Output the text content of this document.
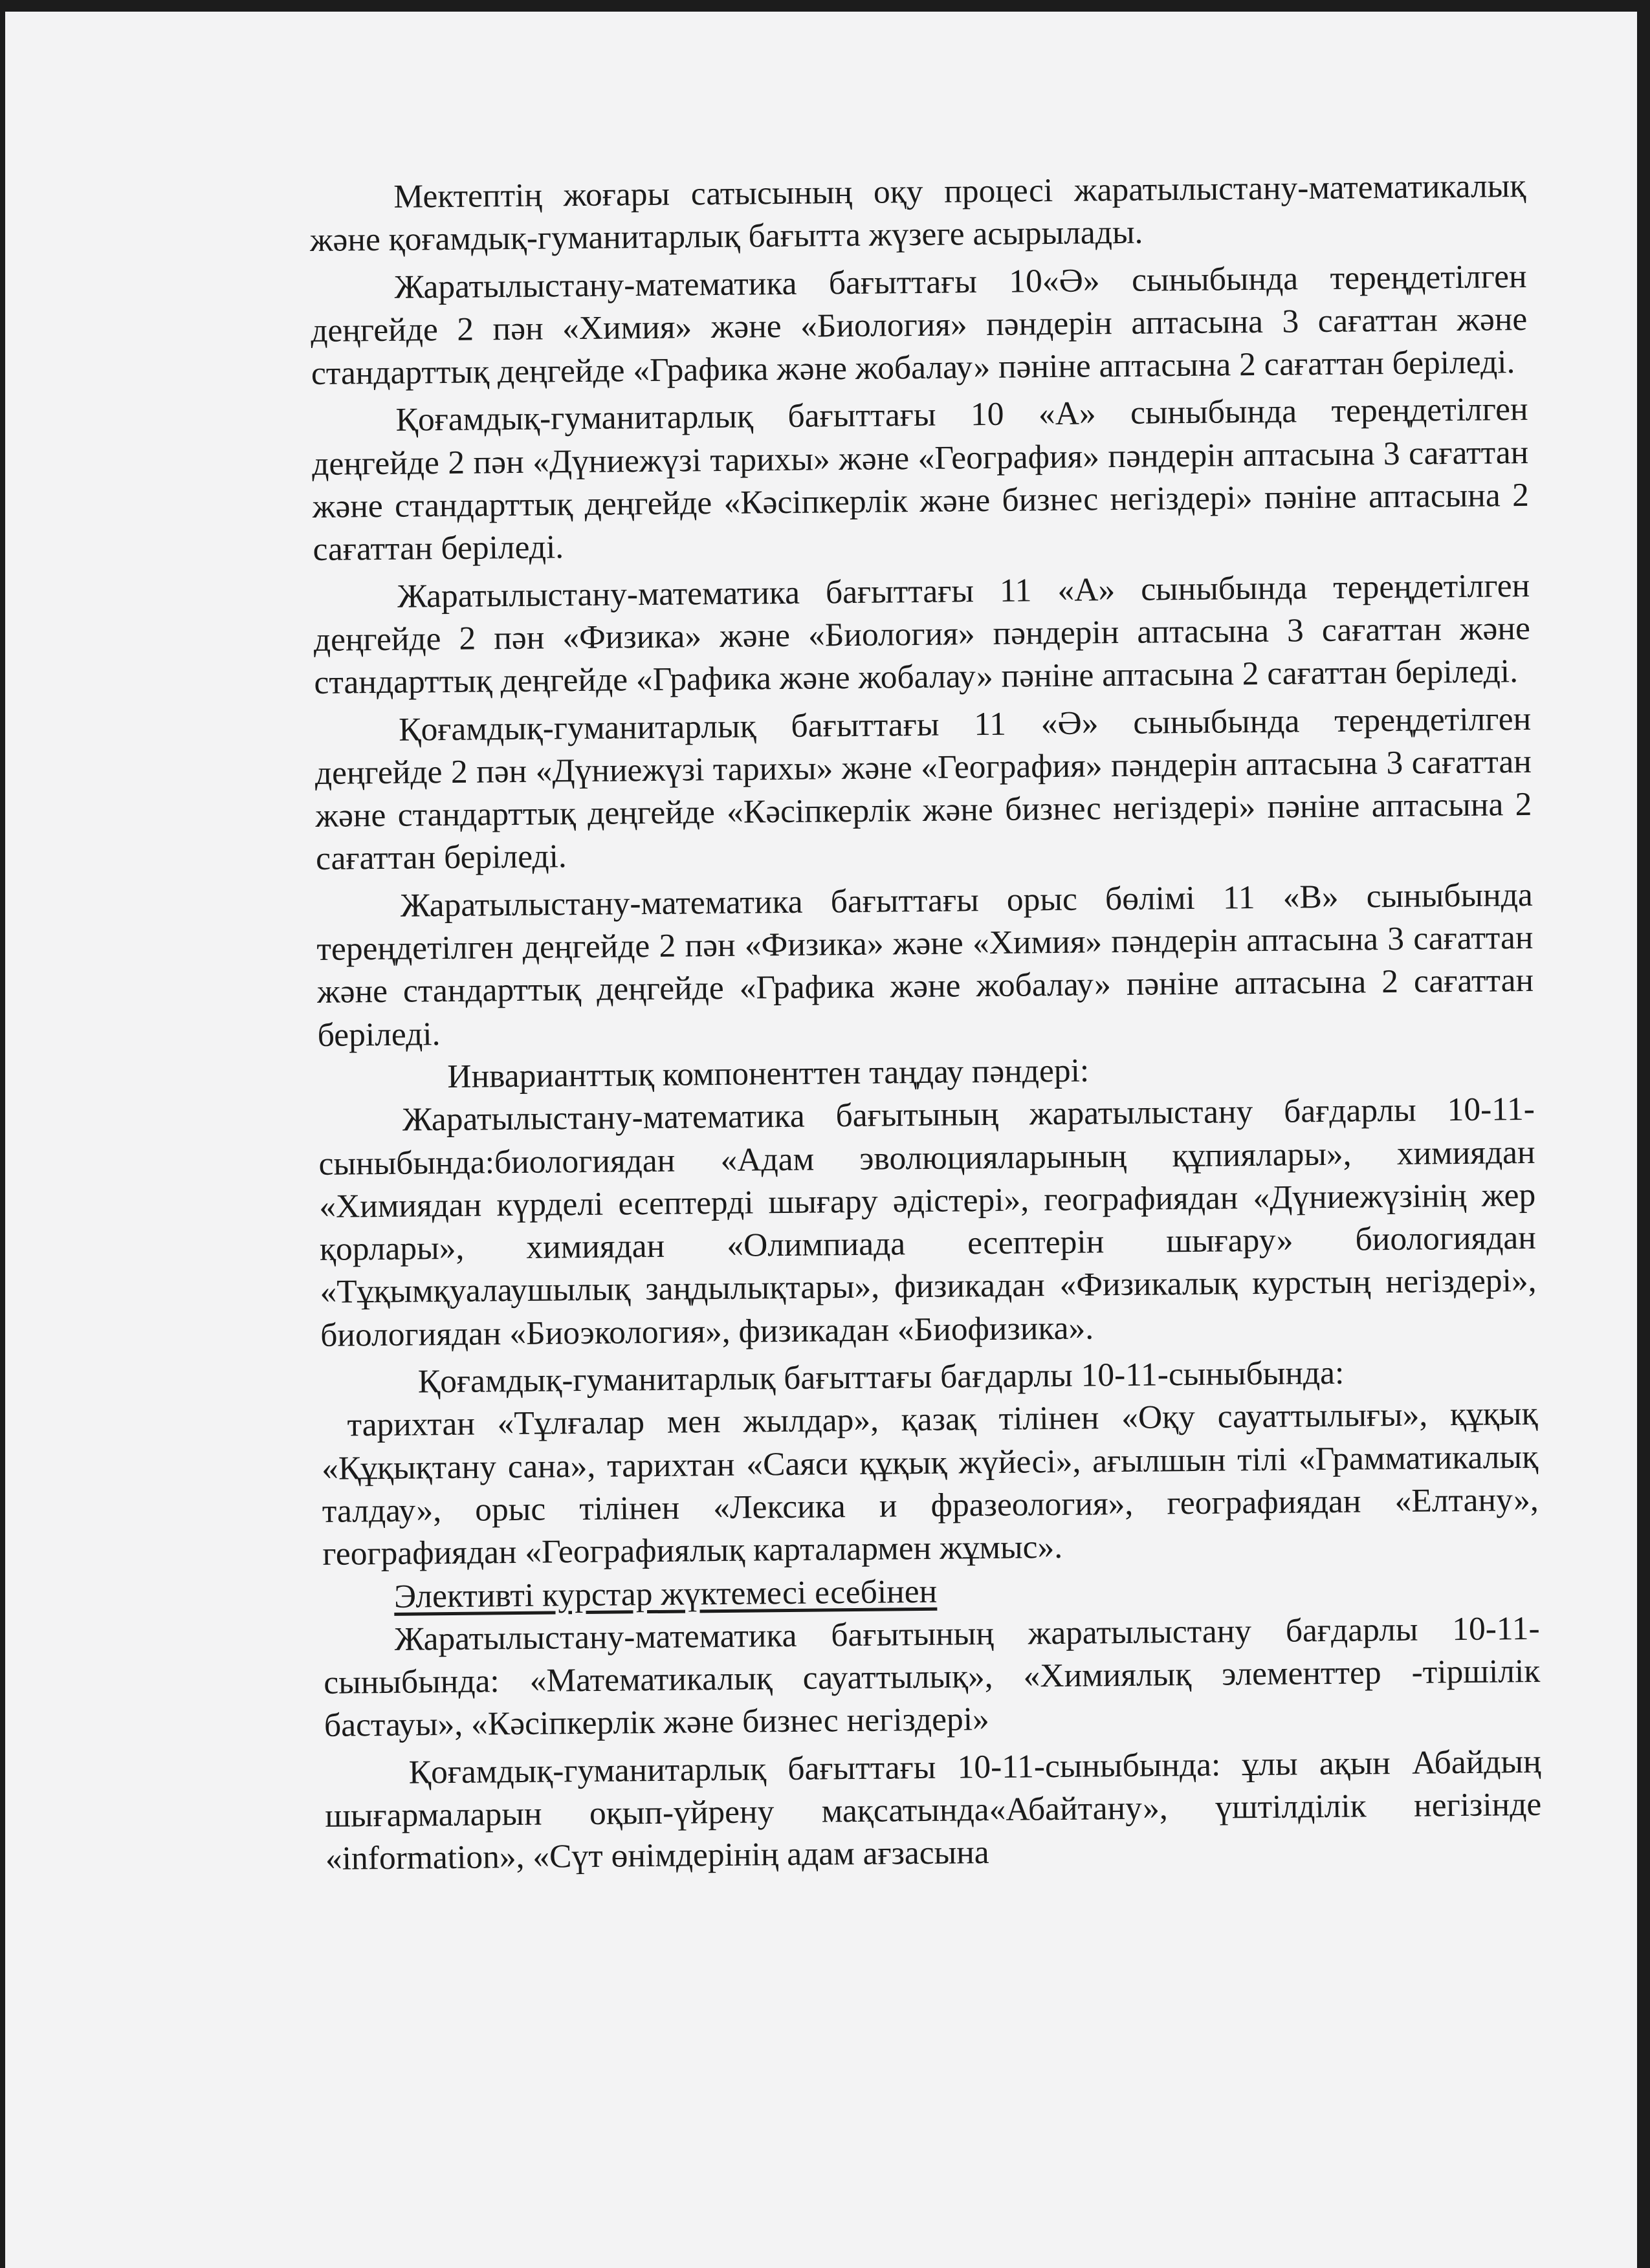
Мектептің жоғары сатысының оқу процесі жаратылыстану-математикалық және қоғамдық-гуманитарлық бағытта жүзеге асырылады.

Жаратылыстану-математика бағыттағы 10«Ә» сыныбында тереңдетілген деңгейде 2 пән «Химия» және «Биология» пәндерін аптасына 3 сағаттан және стандарттық деңгейде «Графика және жобалау» пәніне аптасына 2 сағаттан беріледі.

Қоғамдық-гуманитарлық бағыттағы 10 «А» сыныбында тереңдетілген деңгейде 2 пән «Дүниежүзі тарихы» және «География» пәндерін аптасына 3 сағаттан және стандарттық деңгейде «Кәсіпкерлік және бизнес негіздері» пәніне аптасына 2 сағаттан беріледі.

Жаратылыстану-математика бағыттағы 11 «А» сыныбында тереңдетілген деңгейде 2 пән «Физика» және «Биология» пәндерін аптасына 3 сағаттан және стандарттық деңгейде «Графика және жобалау» пәніне аптасына 2 сағаттан беріледі.

Қоғамдық-гуманитарлық бағыттағы 11 «Ә» сыныбында тереңдетілген деңгейде 2 пән «Дүниежүзі тарихы» және «География» пәндерін аптасына 3 сағаттан және стандарттық деңгейде «Кәсіпкерлік және бизнес негіздері» пәніне аптасына 2 сағаттан беріледі.

Жаратылыстану-математика бағыттағы орыс бөлімі 11 «В» сыныбында тереңдетілген деңгейде 2 пән «Физика» және «Химия» пәндерін аптасына 3 сағаттан және стандарттық деңгейде «Графика және жобалау» пәніне аптасына 2 сағаттан беріледі.

Инварианттық компоненттен таңдау пәндері:

Жаратылыстану-математика бағытының жаратылыстану бағдарлы 10-11-сыныбында:биологиядан «Адам эволюцияларының құпиялары», химиядан «Химиядан күрделі есептерді шығару әдістері», географиядан «Дүниежүзінің жер қорлары», химиядан «Олимпиада есептерін шығару» биологиядан «Тұқымқуалаушылық заңдылықтары», физикадан «Физикалық курстың негіздері», биологиядан «Биоэкология», физикадан «Биофизика».

Қоғамдық-гуманитарлық бағыттағы бағдарлы 10-11-сыныбында:

тарихтан «Тұлғалар мен жылдар», қазақ тілінен «Оқу сауаттылығы», құқық «Құқықтану сана», тарихтан «Саяси құқық жүйесі», ағылшын тілі «Грамматикалық талдау», орыс тілінен «Лексика и фразеология», географиядан «Елтану», географиядан «Географиялық карталармен жұмыс».

Элективті курстар жүктемесі есебінен

Жаратылыстану-математика бағытының жаратылыстану бағдарлы 10-11-сыныбында: «Математикалық сауаттылық», «Химиялық элементтер -тіршілік бастауы», «Кәсіпкерлік және бизнес негіздері»

Қоғамдық-гуманитарлық бағыттағы 10-11-сыныбында: ұлы ақын Абайдың шығармаларын оқып-үйрену мақсатында«Абайтану», үштілділік негізінде «information», «Сүт өнімдерінің адам ағзасына
